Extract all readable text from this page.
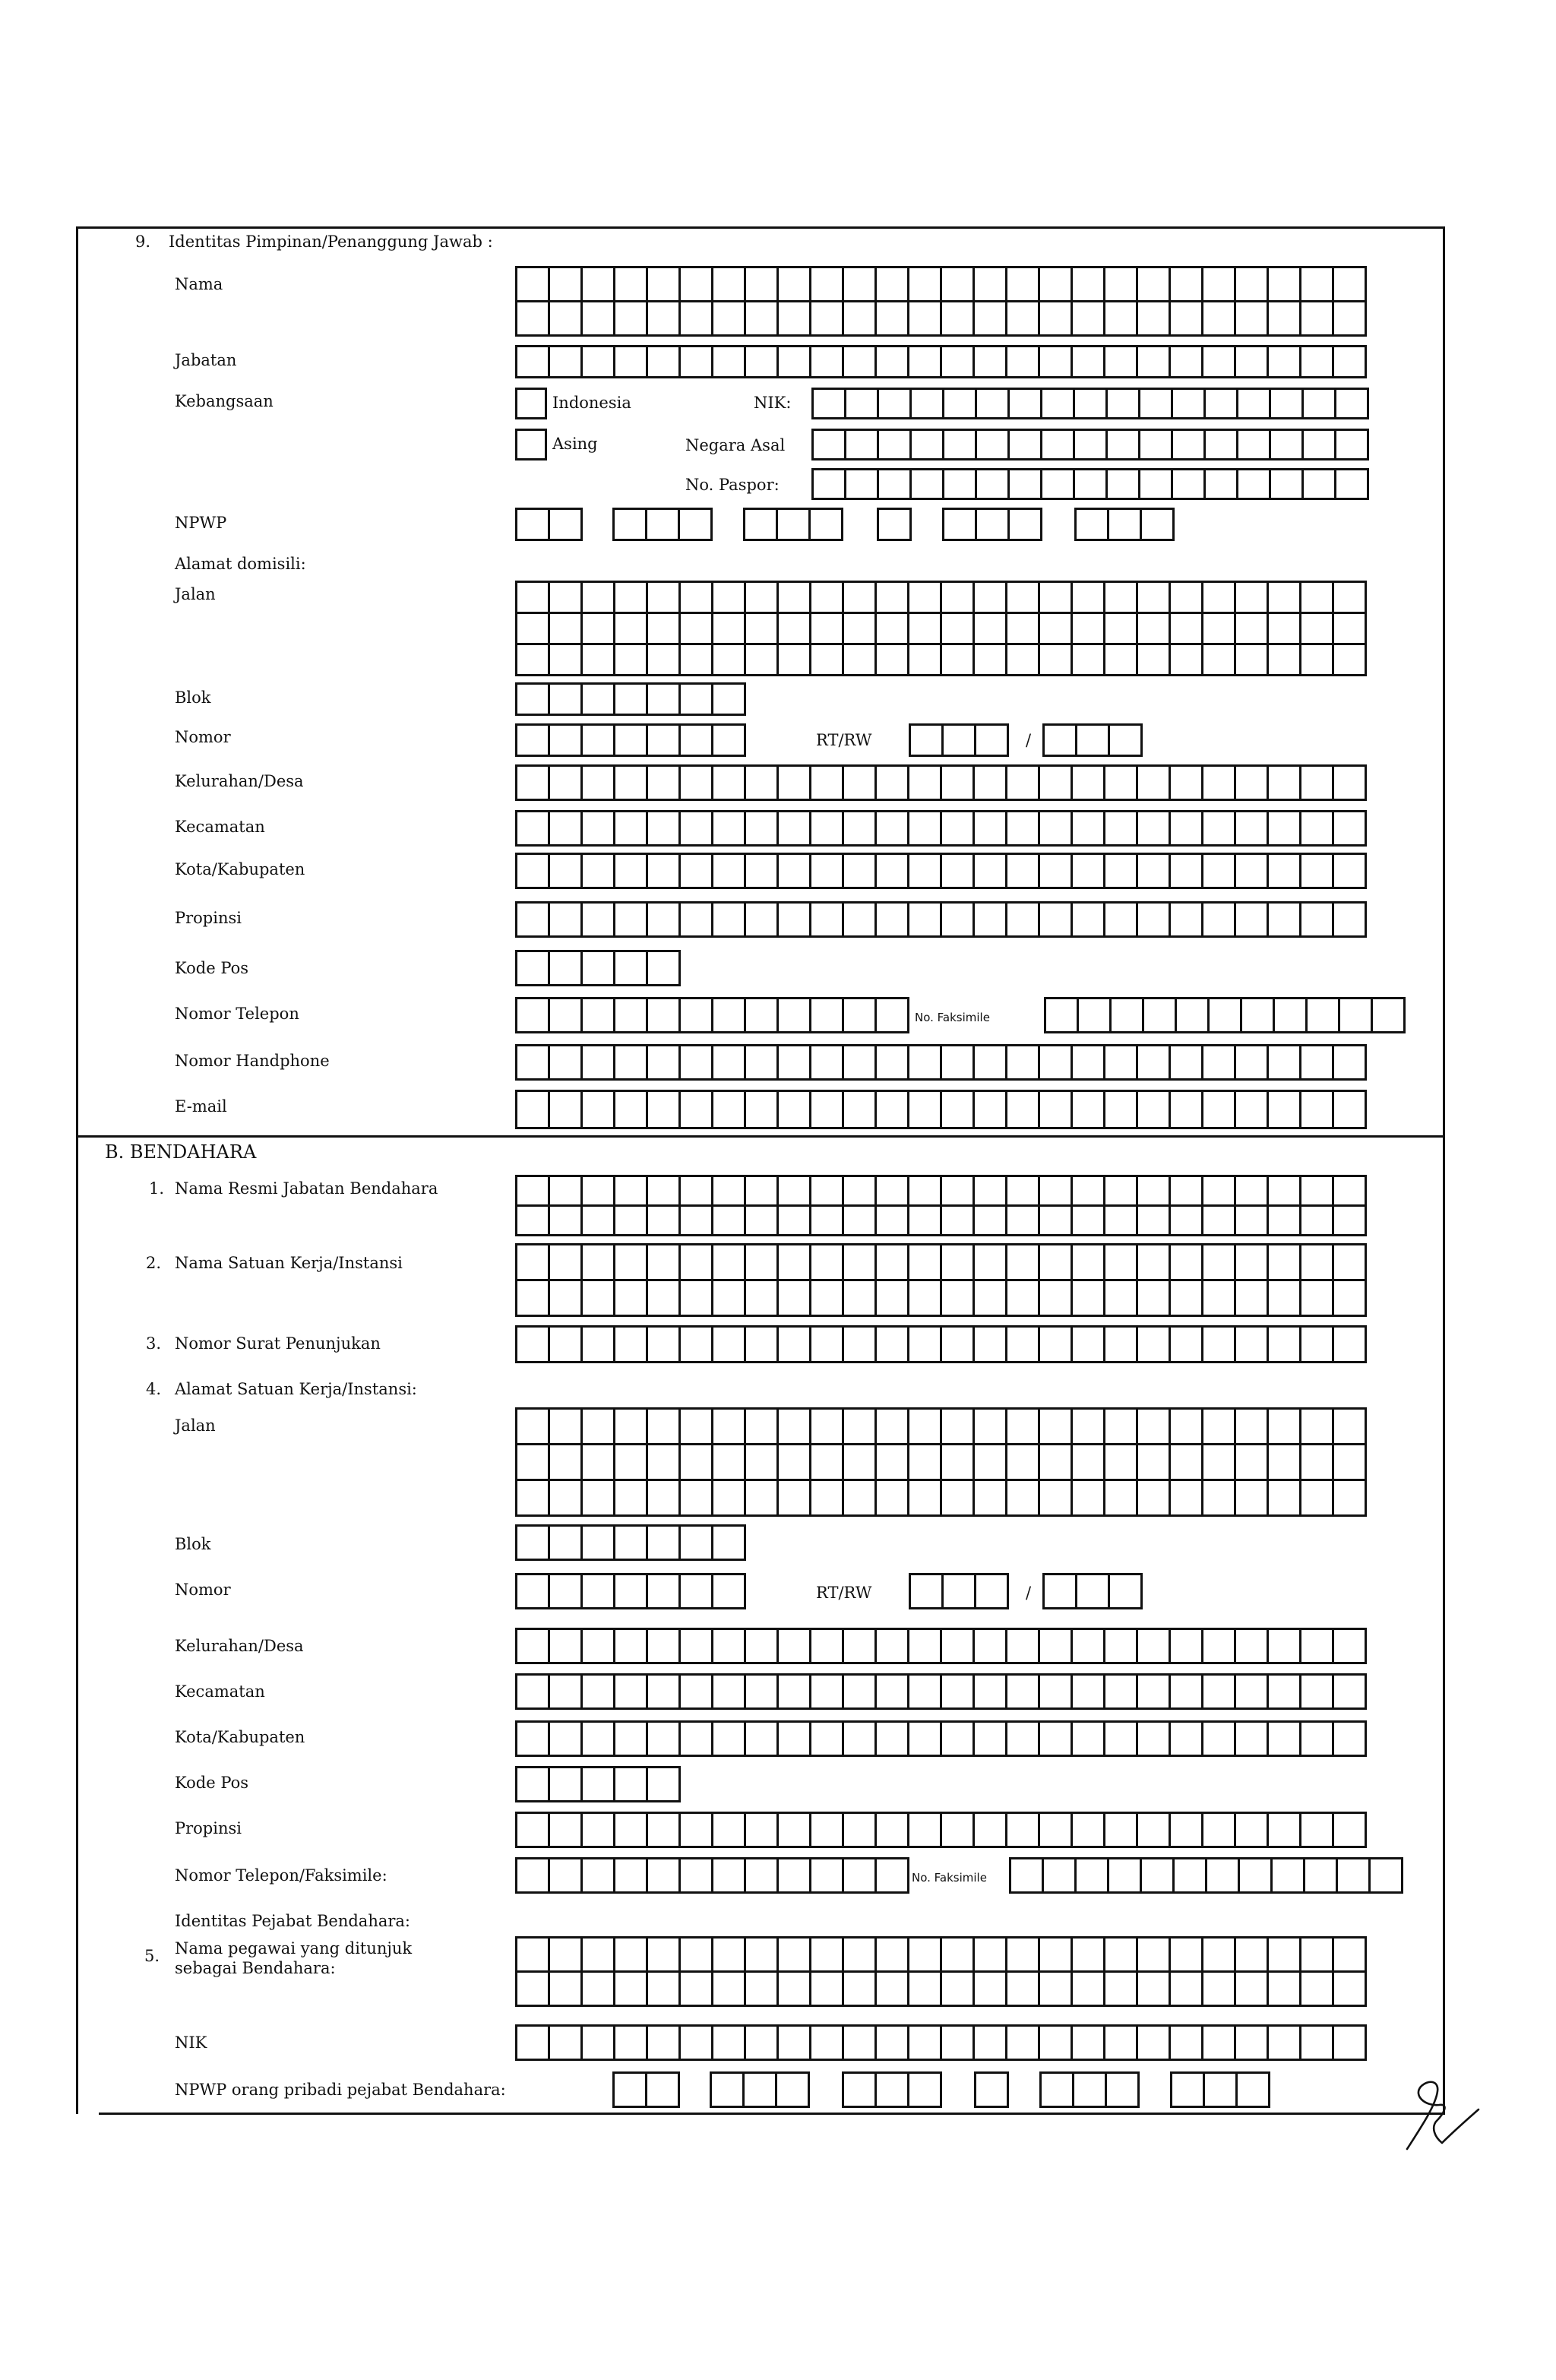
9. Identitas Pimpinan/Penanggung Jawab :
Nama
Jabatan
Kebangsaan	Indonesia	NIK:
Asing	Negara Asal
No. Paspor:
NPWP
Alamat domisili:
Jalan
Blok
Nomor	RT/RW	/
Kelurahan/Desa
Kecamatan
Kota/Kabupaten
Propinsi
Kode Pos
Nomor Telepon	No. Faksimile
Nomor Handphone
E-mail
B. BENDAHARA
1. Nama Resmi Jabatan Bendahara
2. Nama Satuan Kerja/Instansi
3. Nomor Surat Penunjukan
4. Alamat Satuan Kerja/Instansi:
Jalan
Blok
Nomor	RT/RW	/
Kelurahan/Desa
Kecamatan
Kota/Kabupaten
Kode Pos
Propinsi
Nomor Telepon/Faksimile:	No. Faksimile
Identitas Pejabat Bendahara:
5. Nama pegawai yang ditunjuk
sebagai Bendahara:
NIK
NPWP orang pribadi pejabat Bendahara:
